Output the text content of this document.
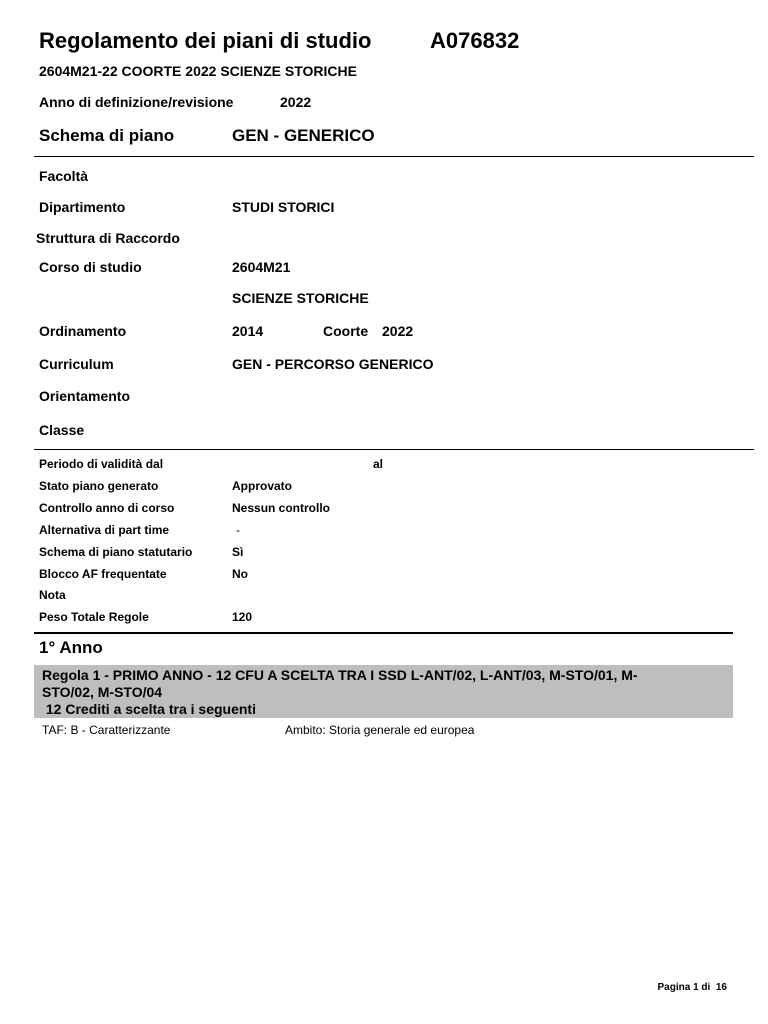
Regolamento dei piani di studio	A076832
2604M21-22 COORTE 2022 SCIENZE STORICHE
Anno di definizione/revisione	2022
Schema di piano	GEN - GENERICO
Facoltà
Dipartimento	STUDI STORICI
Struttura di Raccordo
Corso di studio	2604M21
SCIENZE STORICHE
Ordinamento	2014	Coorte 2022
Curriculum	GEN - PERCORSO GENERICO
Orientamento
Classe
Periodo di validità dal	al
Stato piano generato	Approvato
Controllo anno di corso	Nessun controllo
Alternativa di part time	-
Schema di piano statutario	Sì
Blocco AF frequentate	No
Nota
Peso Totale Regole	120
1° Anno
Regola 1 - PRIMO ANNO - 12 CFU A SCELTA TRA I SSD L-ANT/02, L-ANT/03, M-STO/01, M-
STO/02, M-STO/04
12 Crediti a scelta tra i seguenti
TAF: B - Caratterizzante	Ambito: Storia generale ed europea
Pagina 1 di  16
